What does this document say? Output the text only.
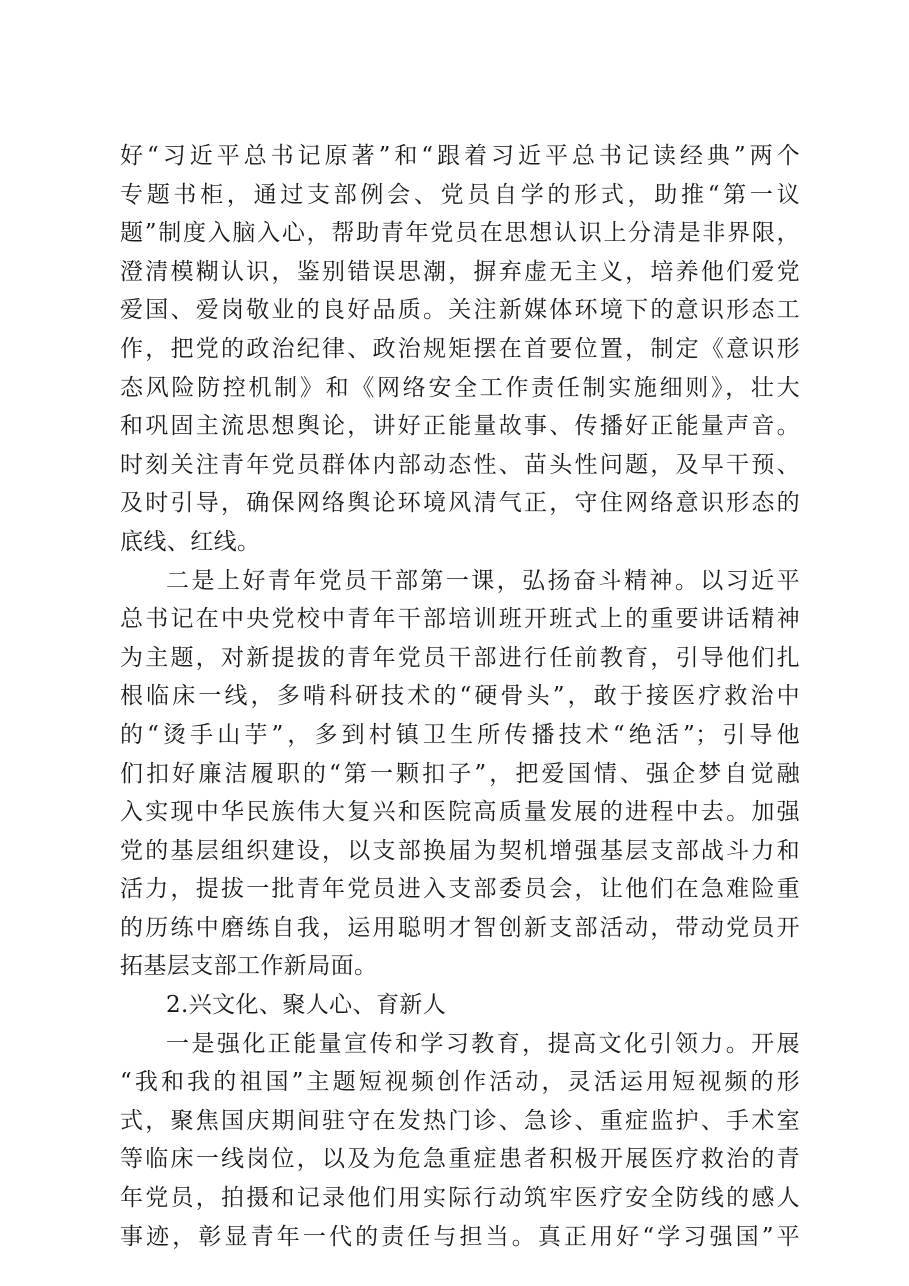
好“习近平总书记原著”和“跟着习近平总书记读经典”两个
专题书柜，通过支部例会、党员自学的形式，助推“第一议
题”制度入脑入心，帮助青年党员在思想认识上分清是非界限，
澄清模糊认识，鉴别错误思潮，摒弃虚无主义，培养他们爱党
爱国、爱岗敬业的良好品质。关注新媒体环境下的意识形态工
作，把党的政治纪律、政治规矩摆在首要位置，制定《意识形
态风险防控机制》和《网络安全工作责任制实施细则》，壮大
和巩固主流思想舆论，讲好正能量故事、传播好正能量声音。
时刻关注青年党员群体内部动态性、苗头性问题，及早干预、
及时引导，确保网络舆论环境风清气正，守住网络意识形态的
底线、红线。
二是上好青年党员干部第一课，弘扬奋斗精神。以习近平
总书记在中央党校中青年干部培训班开班式上的重要讲话精神
为主题，对新提拔的青年党员干部进行任前教育，引导他们扎
根临床一线，多啃科研技术的“硬骨头”，敢于接医疗救治中
的“烫手山芋”，多到村镇卫生所传播技术“绝活”；引导他
们扣好廉洁履职的“第一颗扣子”，把爱国情、强企梦自觉融
入实现中华民族伟大复兴和医院高质量发展的进程中去。加强
党的基层组织建设，以支部换届为契机增强基层支部战斗力和
活力，提拔一批青年党员进入支部委员会，让他们在急难险重
的历练中磨练自我，运用聪明才智创新支部活动，带动党员开
拓基层支部工作新局面。
2.兴文化、聚人心、育新人
一是强化正能量宣传和学习教育，提高文化引领力。开展
“我和我的祖国”主题短视频创作活动，灵活运用短视频的形
式，聚焦国庆期间驻守在发热门诊、急诊、重症监护、手术室
等临床一线岗位，以及为危急重症患者积极开展医疗救治的青
年党员，拍摄和记录他们用实际行动筑牢医疗安全防线的感人
事迹，彰显青年一代的责任与担当。真正用好“学习强国”平
